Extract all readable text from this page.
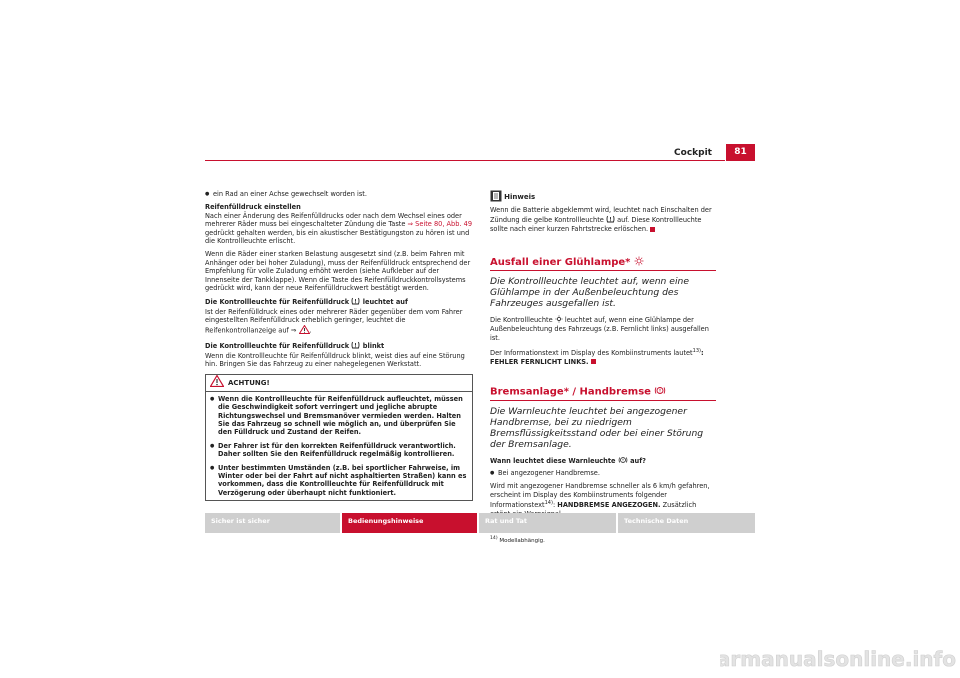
Cockpit	81
● ein Rad an einer Achse gewechselt worden ist.
Reifenfülldruck einstellen

Nach einer Änderung des Reifenfülldrucks oder nach dem Wechsel eines oder mehrerer Räder muss bei eingeschalteter Zündung die Taste ⇒ Seite 80, Abb. 49 gedrückt gehalten werden, bis ein akustischer Bestätigungston zu hören ist und die Kontrollleuchte erlischt.

Wenn die Räder einer starken Belastung ausgesetzt sind (z.B. beim Fahren mit Anhänger oder bei hoher Zuladung), muss der Reifenfülldruck entsprechend der Empfehlung für volle Zuladung erhöht werden (siehe Aufkleber auf der Innenseite der Tankklappe). Wenn die Taste des Reifenfülldruckkontrollsystems gedrückt wird, kann der neue Reifenfülldruckwert bestätigt werden.

Die Kontrollleuchte für Reifenfülldruck leuchtet auf

Ist der Reifenfülldruck eines oder mehrerer Räder gegenüber dem vom Fahrer eingestellten Reifenfülldruck erheblich geringer, leuchtet die Reifenkontrollanzeige auf ⇒ .

Die Kontrollleuchte für Reifenfülldruck blinkt

Wenn die Kontrollleuchte für Reifenfülldruck blinkt, weist dies auf eine Störung hin. Bringen Sie das Fahrzeug zu einer nahegelegenen Werkstatt.

ACHTUNG!
● Wenn die Kontrollleuchte für Reifenfülldruck aufleuchtet, müssen die Geschwindigkeit sofort verringert und jegliche abrupte Richtungswechsel und Bremsmanöver vermieden werden. Halten Sie das Fahrzeug so schnell wie möglich an, und überprüfen Sie den Fülldruck und Zustand der Reifen.
● Der Fahrer ist für den korrekten Reifenfülldruck verantwortlich. Daher sollten Sie den Reifenfülldruck regelmäßig kontrollieren.
● Unter bestimmten Umständen (z.B. bei sportlicher Fahrweise, im Winter oder bei der Fahrt auf nicht asphaltierten Straßen) kann es vorkommen, dass die Kontrollleuchte für Reifenfülldruck mit Verzögerung oder überhaupt nicht funktioniert.
Hinweis

Wenn die Batterie abgeklemmt wird, leuchtet nach Einschalten der Zündung die gelbe Kontrollleuchte auf. Diese Kontrollleuchte sollte nach einer kurzen Fahrtstrecke erlöschen.

Ausfall einer Glühlampe*
Die Kontrollleuchte leuchtet auf, wenn eine Glühlampe in der Außenbeleuchtung des Fahrzeuges ausgefallen ist.

Die Kontrollleuchte leuchtet auf, wenn eine Glühlampe der Außenbeleuchtung des Fahrzeugs (z.B. Fernlicht links) ausgefallen ist.

Der Informationstext im Display des Kombiinstruments lautet$^{13)}$: FEHLER FERNLICHT LINKS.

Bremsanlage* / Handbremse
Die Warnleuchte leuchtet bei angezogener Handbremse, bei zu niedrigem Bremsflüssigkeitsstand oder bei einer Störung der Bremsanlage.
Wann leuchtet diese Warnleuchte auf?
● Bei angezogener Handbremse.

Wird mit angezogener Handbremse schneller als 6 km/h gefahren, erscheint im Display des Kombiinstruments folgender Informationstext$^{14)}$: HANDBREMSE ANGEZOGEN. Zusätzlich

$^{14)}$ Modellabhängig.
Sicher ist sicher	Bedienungshinweise	Rat und Tat	Technische Daten
carmanualsonline.info
